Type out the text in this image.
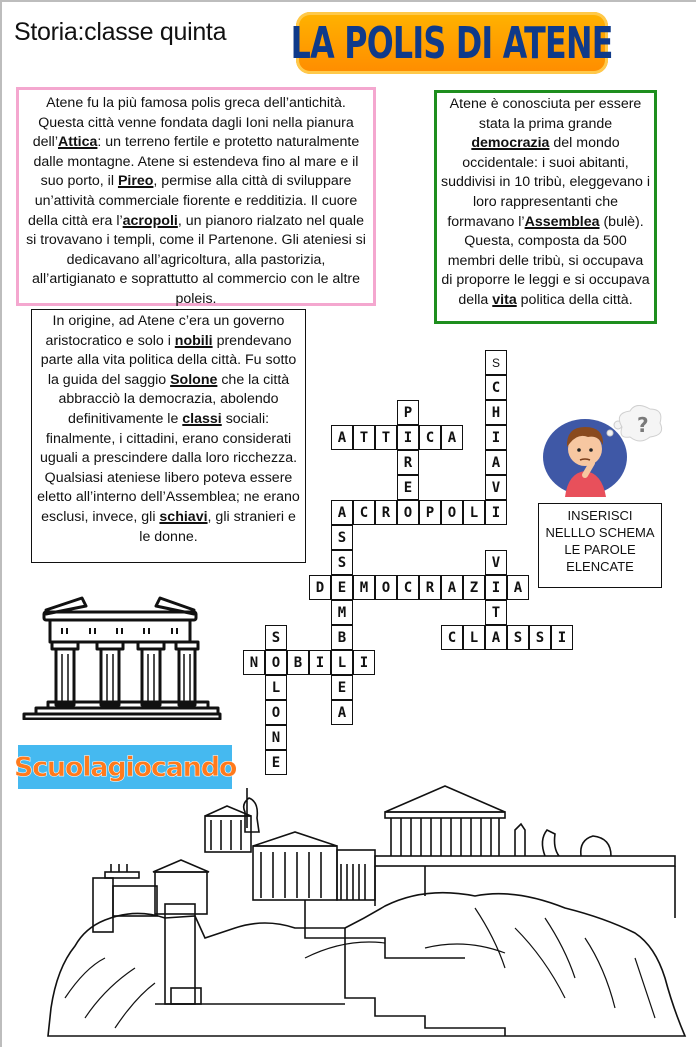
Storia:classe quinta LA POLIS DI ATENE
Atene fu la più famosa polis greca dell’antichità. Questa città venne fondata dagli Ioni nella pianura dell’Attica: un terreno fertile e protetto naturalmente dalle montagne. Atene si estendeva fino al mare e il suo porto, il Pireo, permise alla città di sviluppare un’attività commerciale fiorente e redditizia. Il cuore della città era l’acropoli, un pianoro rialzato nel quale si trovavano i templi, come il Partenone. Gli ateniesi si dedicavano all’agricoltura, alla pastorizia, all’artigianato e soprattutto al commercio con le altre poleis.
Atene è conosciuta per essere stata la prima grande democrazia del mondo occidentale: i suoi abitanti, suddivisi in 10 tribù, eleggevano i loro rappresentanti che formavano l’Assemblea (bulè). Questa, composta da 500 membri delle tribù, si occupava di proporre le leggi e si occupava della vita politica della città.
In origine, ad Atene c’era un governo aristocratico e solo i nobili prendevano parte alla vita politica della città. Fu sotto la guida del saggio Solone che la città abbracciò la democrazia, abolendo definitivamente le classi sociali: finalmente, i cittadini, erano considerati uguali a prescindere dalla loro ricchezza. Qualsiasi ateniese libero poteva essere eletto all’interno dell’Assemblea; ne erano esclusi, invece, gli schiavi, gli stranieri e le donne.
S
C
H
I
A
V
I
P
I
R
E
O
A T T	C A
A C R	P O L
S
S
E
M
B
L
E
A
V
I
T
A
D	M O C R A Z	A
C L	S S I
S
O
L
O
N
E
N	B I	I
?
INSERISCI NELLLO SCHEMA LE PAROLE ELENCATE
Scuolagiocando
